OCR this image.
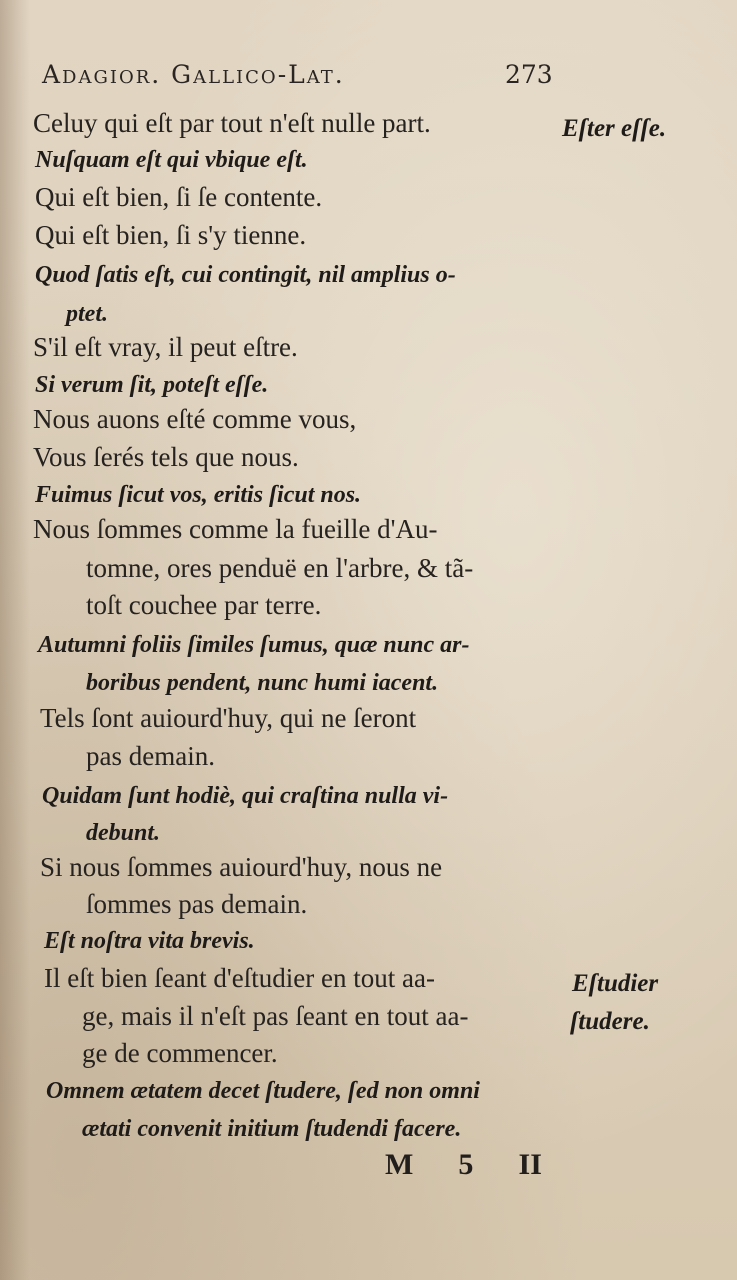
Adagior. Gallico-Lat.	273
Celuy qui eſt par tout n'eſt nulle part.
Nuſquam eſt qui vbique eſt.
Qui eſt bien, ſi ſe contente.
Qui eſt bien, ſi s'y tienne.
Quod ſatis eſt, cui contingit, nil amplius o-
ptet.
S'il eſt vray, il peut eſtre.
Si verum ſit, poteſt eſſe.
Nous auons eſté comme vous,
Vous ſerés tels que nous.
Fuimus ſicut vos, eritis ſicut nos.
Nous ſommes comme la fueille d'Au-
tomne, ores penduë en l'arbre, & tã-
toſt couchee par terre.
Autumni foliis ſimiles ſumus, quæ nunc ar-
boribus pendent, nunc humi iacent.
Tels ſont auiourd'huy, qui ne ſeront
pas demain.
Quidam ſunt hodiè, qui craſtina nulla vi-
debunt.
Si nous ſommes auiourd'huy, nous ne
ſommes pas demain.
Eſt noſtra vita brevis.
Il eſt bien ſeant d'eſtudier en tout aa-
ge, mais il n'eſt pas ſeant en tout aa-
ge de commencer.
Omnem ætatem decet ſtudere, ſed non omni
ætati convenit initium ſtudendi facere.
Eſter eſſe.
Eſtudier
ſtudere.
M 5 II
